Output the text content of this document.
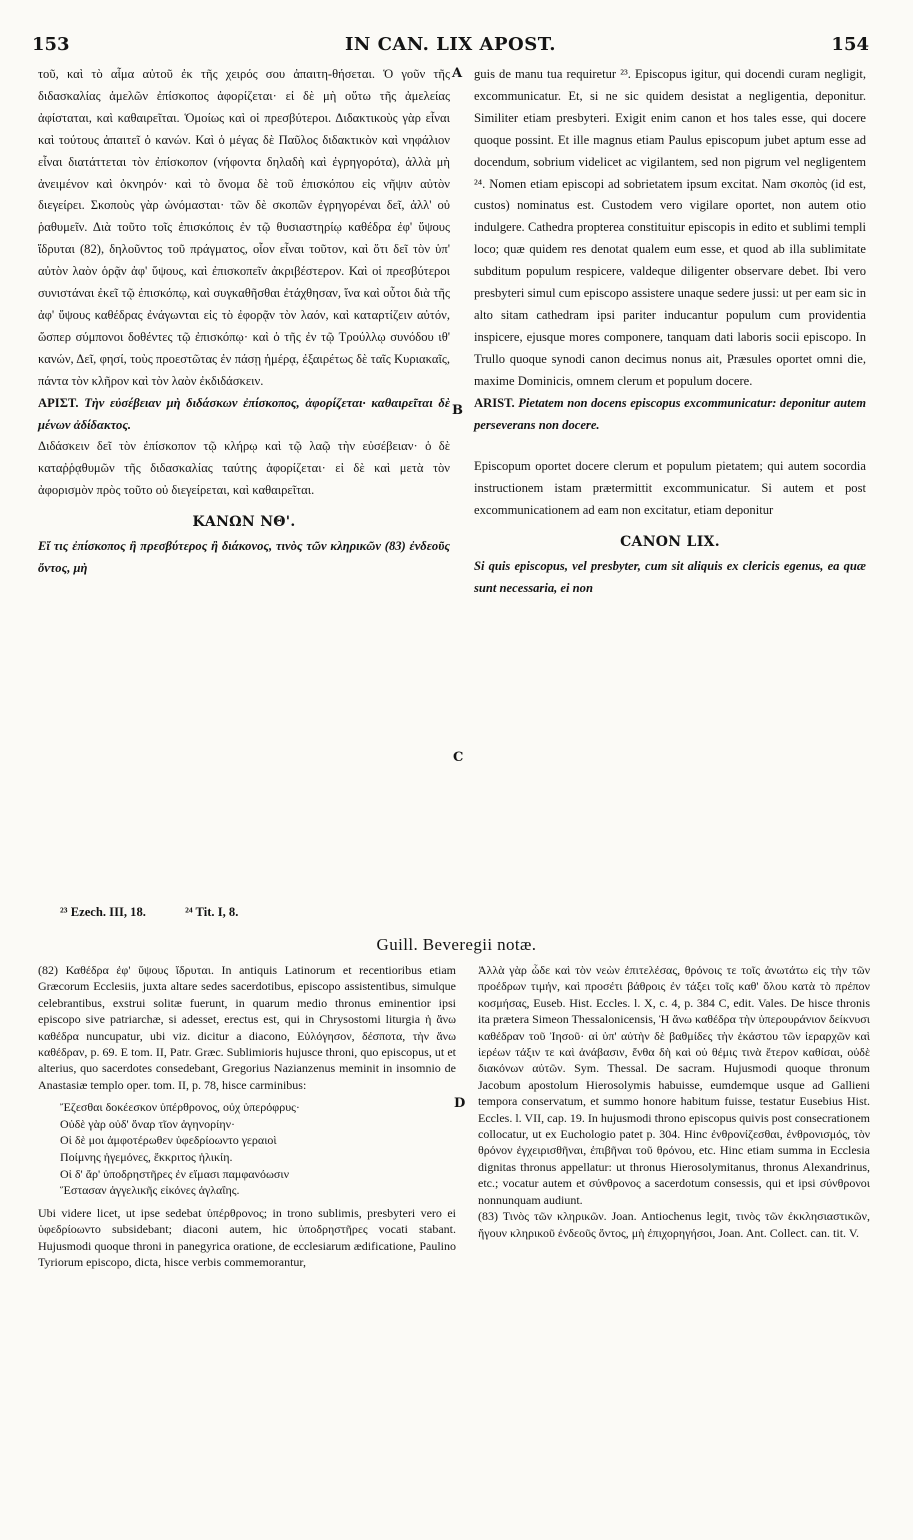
153	IN CAN. LIX APOST.	154
A
B
C
D

τοῦ, καὶ τὸ αἷμα αὐτοῦ ἐκ τῆς χειρός σου ἀπαιτη-θήσεται. Ὁ γοῦν τῆς διδασκαλίας ἀμελῶν ἐπίσκοπος ἀφορίζεται· εἰ δὲ μὴ οὕτω τῆς ἀμελείας ἀφίσταται, καὶ καθαιρεῖται. Ὁμοίως καὶ οἱ πρεσβύτεροι. Διδακτικοὺς γὰρ εἶναι καὶ τούτους ἀπαιτεῖ ὁ κανών. Καὶ ὁ μέγας δὲ Παῦλος διδακτικὸν καὶ νηφάλιον εἶναι διατάττεται τὸν ἐπίσκοπον (νήφοντα δηλαδὴ καὶ ἐγρηγορότα), ἀλλὰ μὴ ἀνειμένον καὶ ὀκνηρόν· καὶ τὸ ὄνομα δὲ τοῦ ἐπισκόπου εἰς νῆψιν αὐτὸν διεγείρει. Σκοποὺς γὰρ ὠνόμασται· τῶν δὲ σκοπῶν ἐγρηγορέναι δεῖ, ἀλλ' οὐ ῥαθυμεῖν. Διὰ τοῦτο τοῖς ἐπισκόποις ἐν τῷ θυσιαστηρίῳ καθέδρα ἐφ' ὕψους ἵδρυται (82), δηλοῦντος τοῦ πράγματος, οἷον εἶναι τοῦτον, καὶ ὅτι δεῖ τὸν ὑπ' αὐτὸν λαὸν ὁρᾷν ἀφ' ὕψους, καὶ ἐπισκοπεῖν ἀκριβέστερον. Καὶ οἱ πρεσβύτεροι συνιστάναι ἐκεῖ τῷ ἐπισκόπῳ, καὶ συγκαθῆσθαι ἐτάχθησαν, ἵνα καὶ οὗτοι διὰ τῆς ἀφ' ὕψους καθέδρας ἐνάγωνται εἰς τὸ ἐφορᾷν τὸν λαόν, καὶ καταρτίζειν αὐτόν, ὥσπερ σύμπονοι δοθέντες τῷ ἐπισκόπῳ· καὶ ὁ τῆς ἐν τῷ Τρούλλῳ συνόδου ιθ' κανών, Δεῖ, φησί, τοὺς προεστῶτας ἐν πάσῃ ἡμέρᾳ, ἐξαιρέτως δὲ ταῖς Κυριακαῖς, πάντα τὸν κλῆρον καὶ τὸν λαὸν ἐκδιδάσκειν.

ΑΡΙΣΤ. Τὴν εὐσέβειαν μὴ διδάσκων ἐπίσκοπος, ἀφορίζεται· καθαιρεῖται δὲ μένων ἀδίδακτος.

Διδάσκειν δεῖ τὸν ἐπίσκοπον τῷ κλήρῳ καὶ τῷ λαῷ τὴν εὐσέβειαν· ὁ δὲ καταῤῥᾳθυμῶν τῆς διδασκαλίας ταύτης ἀφορίζεται· εἰ δὲ καὶ μετὰ τὸν ἀφορισμὸν πρὸς τοῦτο οὐ διεγείρεται, καὶ καθαιρεῖται.

ΚΑΝΩΝ ΝΘ'.

Εἴ τις ἐπίσκοπος ἢ πρεσβύτερος ἢ διάκονος, τινὸς τῶν κληρικῶν (83) ἐνδεοῦς ὄντος, μὴ

guis de manu tua requiretur ²³. Episcopus igitur, qui docendi curam negligit, excommunicatur. Et, si ne sic quidem desistat a negligentia, deponitur. Similiter etiam presbyteri. Exigit enim canon et hos tales esse, qui docere quoque possint. Et ille magnus etiam Paulus episcopum jubet aptum esse ad docendum, sobrium videlicet ac vigilantem, sed non pigrum vel negligentem ²⁴. Nomen etiam episcopi ad sobrietatem ipsum excitat. Nam σκοπὸς (id est, custos) nominatus est. Custodem vero vigilare oportet, non autem otio indulgere. Cathedra propterea constituitur episcopis in edito et sublimi templi loco; quæ quidem res denotat qualem eum esse, et quod ab illa sublimitate subditum populum respicere, valdeque diligenter observare debet. Ibi vero presbyteri simul cum episcopo assistere unaque sedere jussi: ut per eam sic in alto sitam cathedram ipsi pariter inducantur populum cum providentia inspicere, ejusque mores componere, tanquam dati laboris socii episcopo. In Trullo quoque synodi canon decimus nonus ait, Præsules oportet omni die, maxime Dominicis, omnem clerum et populum docere.

ARIST. Pietatem non docens episcopus excommunicatur: deponitur autem perseverans non docere.

Episcopum oportet docere clerum et populum pietatem; qui autem socordia instructionem istam prætermittit excommunicatur. Si autem et post excommunicationem ad eam non excitatur, etiam deponitur

CANON LIX.

Si quis episcopus, vel presbyter, cum sit aliquis ex clericis egenus, ea quæ sunt necessaria, ei non

²³ Ezech. III, 18.	²⁴ Tit. I, 8.
Guill. Beveregii notæ.

(82) Καθέδρα ἐφ' ὕψους ἵδρυται. In antiquis Latinorum et recentioribus etiam Græcorum Ecclesiis, juxta altare sedes sacerdotibus, episcopo assistentibus, simulque celebrantibus, exstrui solitæ fuerunt, in quarum medio thronus eminentior ipsi episcopo sive patriarchæ, si adesset, erectus est, qui in Chrysostomi liturgia ἡ ἄνω καθέδρα nuncupatur, ubi viz. dicitur a diacono, Εὐλόγησον, δέσποτα, τὴν ἄνω καθέδραν, p. 69. E tom. II, Patr. Græc. Sublimioris hujusce throni, quo episcopus, ut et alterius, quo sacerdotes consedebant, Gregorius Nazianzenus meminit in insomnio de Anastasiæ templo oper. tom. II, p. 78, hisce carminibus:

Ἔζεσθαι δοκέεσκον ὑπέρθρονος, οὐχ ὑπερόφρυς·
Οὐδὲ γὰρ οὐδ' ὄναρ τῖον ἀγηνορίην·
Οἱ δὲ μοι ἀμφοτέρωθεν ὑφεδρίοωντο γεραιοὶ
Ποίμνης ἡγεμόνες, ἔκκριτος ἡλικίη.
Οἱ δ' ἄρ' ὑποδρηστῆρες ἐν εἵμασι παμφανόωσιν
Ἕστασαν ἀγγελικῆς εἰκόνες ἀγλαΐης.

Ubi videre licet, ut ipse sedebat ὑπέρθρονος; in trono sublimis, presbyteri vero ei ὑφεδρίοωντο subsidebant; diaconi autem, hic ὑποδρηστῆρες vocati stabant. Hujusmodi quoque throni in panegyrica oratione, de ecclesiarum ædificatione, Paulino Tyriorum episcopo, dicta, hisce verbis commemorantur,

Ἀλλὰ γὰρ ὧδε καὶ τὸν νεὼν ἐπιτελέσας, θρόνοις τε τοῖς ἀνωτάτω εἰς τὴν τῶν προέδρων τιμήν, καὶ προσέτι βάθροις ἐν τάξει τοῖς καθ' ὅλου κατὰ τὸ πρέπον κοσμήσας, Euseb. Hist. Eccles. l. X, c. 4, p. 384 C, edit. Vales. De hisce thronis ita prætera Simeon Thessalonicensis, Ἡ ἄνω καθέδρα τὴν ὑπερουράνιον δείκνυσι καθέδραν τοῦ Ἰησοῦ· αἱ ὑπ' αὐτὴν δὲ βαθμίδες τὴν ἑκάστου τῶν ἱεραρχῶν καὶ ἱερέων τάξιν τε καὶ ἀνάβασιν, ἔνθα δὴ καὶ οὐ θέμις τινὰ ἕτερον καθίσαι, οὐδὲ διακόνων αὐτῶν. Sym. Thessal. De sacram. Hujusmodi quoque thronum Jacobum apostolum Hierosolymis habuisse, eumdemque usque ad Gallieni tempora conservatum, et summo honore habitum fuisse, testatur Eusebius Hist. Eccles. l. VII, cap. 19. In hujusmodi throno episcopus quivis post consecrationem collocatur, ut ex Euchologio patet p. 304. Hinc ἐνθρονίζεσθαι, ἐνθρονισμός, τὸν θρόνον ἐγχειρισθῆναι, ἐπιβῆναι τοῦ θρόνου, etc. Hinc etiam summa in Ecclesia dignitas thronus appellatur: ut thronus Hierosolymitanus, thronus Alexandrinus, etc.; vocatur autem et σύνθρονος a sacerdotum consessis, qui et ipsi σύνθρονοι nonnunquam audiunt.

(83) Τινὸς τῶν κληρικῶν. Joan. Antiochenus legit, τινὸς τῶν ἐκκλησιαστικῶν, ἤγουν κληρικοῦ ἐνδεοῦς ὄντος, μὴ ἐπιχορηγήσοι, Joan. Ant. Collect. can. tit. V.
